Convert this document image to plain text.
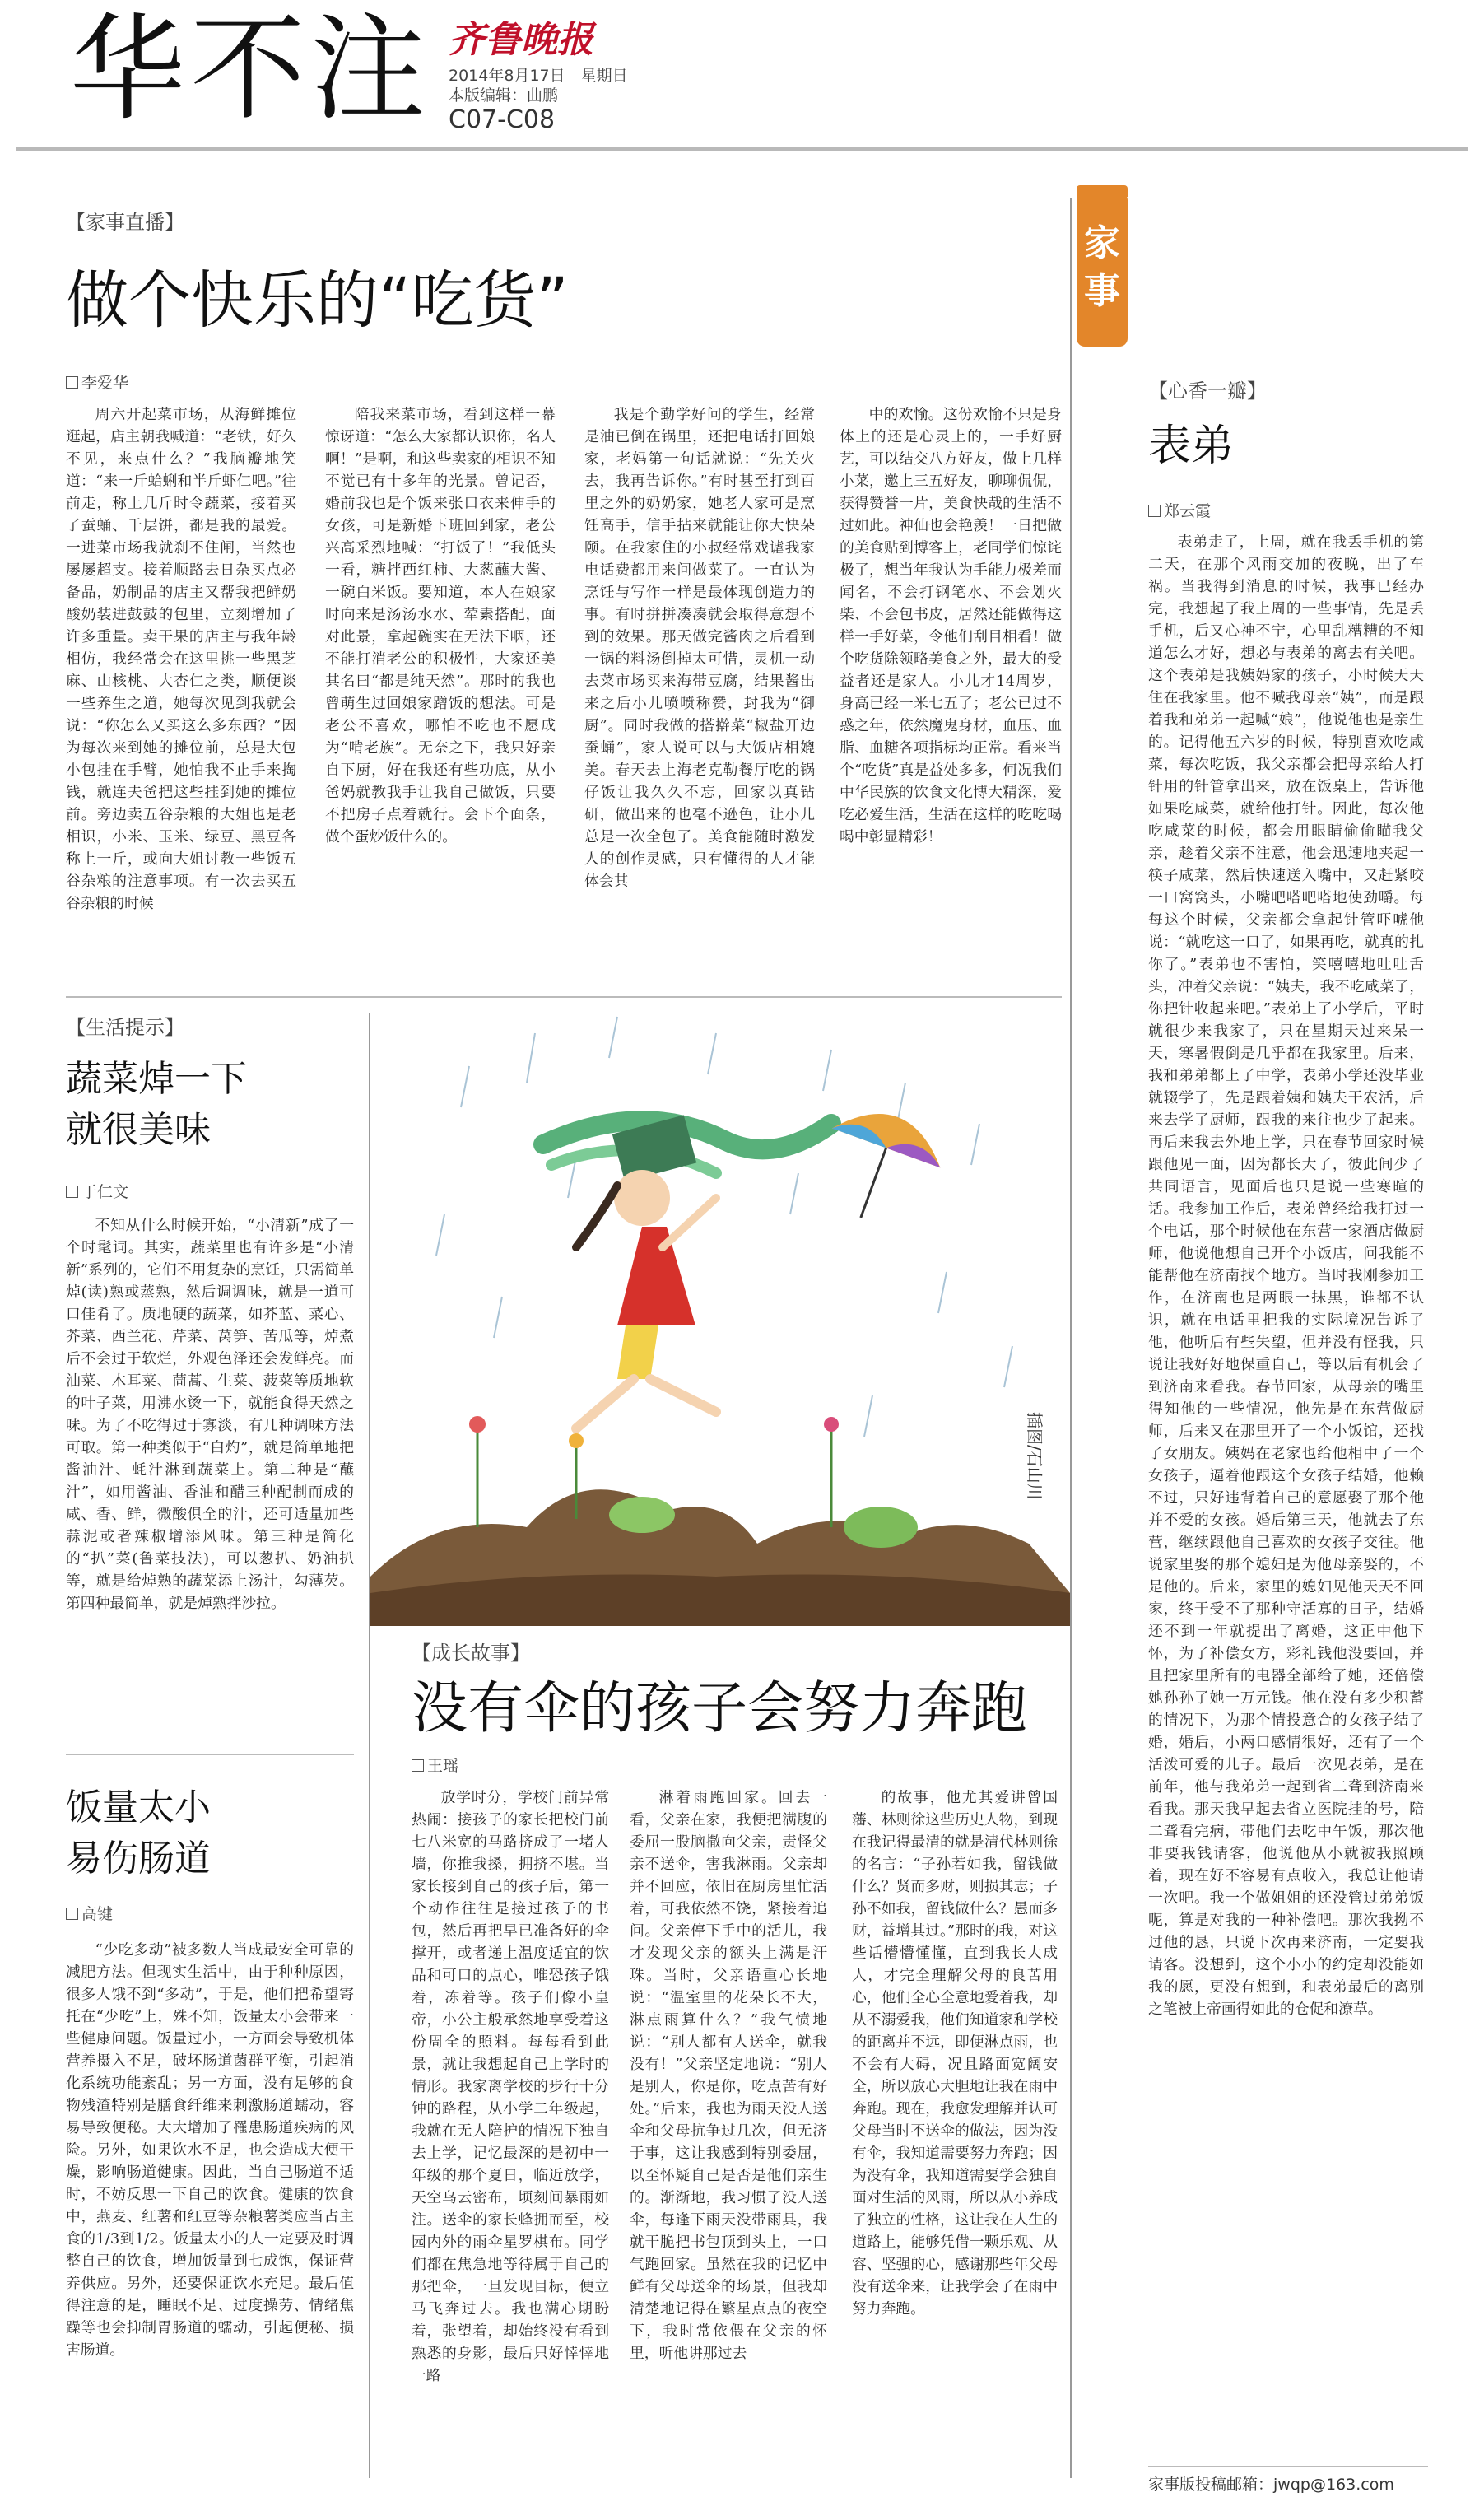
华不注 齐鲁晚报
2014年8月17日　星期日
本版编辑：曲鹏
C07-C08
【家事直播】
做个快乐的“吃货”
李爱华

周六开起菜市场，从海鲜摊位逛起，店主朝我喊道：“老铁，好久不见，来点什么？”我脑瓣地笑道：“来一斤蛤蜊和半斤虾仁吧。”往前走，称上几斤时令蔬菜，接着买了蚕蛹、千层饼，都是我的最爱。一进菜市场我就刹不住闸，当然也屡屡超支。接着顺路去日杂买点必备品，奶制品的店主又帮我把鲜奶酸奶装进鼓鼓的包里，立刻增加了许多重量。卖干果的店主与我年龄相仿，我经常会在这里挑一些黑芝麻、山核桃、大杏仁之类，顺便谈一些养生之道，她每次见到我就会说：“你怎么又买这么多东西？”因为每次来到她的摊位前，总是大包小包挂在手臂，她怕我不止手来掏钱，就连夫爸把这些挂到她的摊位前。旁边卖五谷杂粮的大姐也是老相识，小米、玉米、绿豆、黑豆各称上一斤，或向大姐讨教一些饭五谷杂粮的注意事项。有一次去买五谷杂粮的时候

陪我来菜市场，看到这样一幕惊讶道：“怎么大家都认识你，名人啊！”是啊，和这些卖家的相识不知不觉已有十多年的光景。曾记否，婚前我也是个饭来张口衣来伸手的女孩，可是新婚下班回到家，老公兴高采烈地喊：“打饭了！”我低头一看，糖拌西红柿、大葱蘸大酱、一碗白米饭。要知道，本人在娘家时向来是汤汤水水、荤素搭配，面对此景，拿起碗实在无法下咽，还不能打消老公的积极性，大家还美其名曰“都是纯天然”。那时的我也曾萌生过回娘家蹭饭的想法。可是老公不喜欢，哪怕不吃也不愿成为“啃老族”。无奈之下，我只好亲自下厨，好在我还有些功底，从小爸妈就教我手让我自己做饭，只要不把房子点着就行。会下个面条，做个蛋炒饭什么的。

我是个勤学好问的学生，经常是油已倒在锅里，还把电话打回娘家，老妈第一句话就说：“先关火去，我再告诉你。”有时甚至打到百里之外的奶奶家，她老人家可是烹饪高手，信手拈来就能让你大快朵颐。在我家住的小叔经常戏谑我家电话费都用来问做菜了。一直认为烹饪与写作一样是最体现创造力的事。有时拼拼凑凑就会取得意想不到的效果。那天做完酱肉之后看到一锅的料汤倒掉太可惜，灵机一动去菜市场买来海带豆腐，结果酱出来之后小儿喷喷称赞，封我为“御厨”。同时我做的搭擀菜“椒盐开边蚕蛹”，家人说可以与大饭店相媲美。春天去上海老克勒餐厅吃的锅仔饭让我久久不忘，回家以真钻研，做出来的也毫不逊色，让小儿总是一次全包了。美食能随时激发人的创作灵感，只有懂得的人才能体会其

中的欢愉。这份欢愉不只是身体上的还是心灵上的，一手好厨艺，可以结交八方好友，做上几样小菜，邀上三五好友，聊聊侃侃，获得赞誉一片，美食快哉的生活不过如此。神仙也会艳羡！一日把做的美食贴到博客上，老同学们惊诧极了，想当年我认为手能力极差而闻名，不会打钢笔水、不会划火柴、不会包书皮，居然还能做得这样一手好菜，令他们刮目相看！做个吃货除领略美食之外，最大的受益者还是家人。小儿才14周岁，身高已经一米七五了；老公已过不惑之年，依然魔鬼身材，血压、血脂、血糖各项指标均正常。看来当个“吃货”真是益处多多，何况我们中华民族的饮食文化博大精深，爱吃必爱生活，生活在这样的吃吃喝喝中彰显精彩！

【生活提示】
蔬菜焯一下
就很美味
于仁文

不知从什么时候开始，“小清新”成了一个时髦词。其实，蔬菜里也有许多是“小清新”系列的，它们不用复杂的烹饪，只需简单焯(读)熟或蒸熟，然后调调味，就是一道可口佳肴了。质地硬的蔬菜，如芥蓝、菜心、芥菜、西兰花、芹菜、莴笋、苦瓜等，焯煮后不会过于软烂，外观色泽还会发鲜亮。而油菜、木耳菜、茼蒿、生菜、菠菜等质地软的叶子菜，用沸水烫一下，就能食得天然之味。为了不吃得过于寡淡，有几种调味方法可取。第一种类似于“白灼”，就是简单地把酱油汁、蚝汁淋到蔬菜上。第二种是“蘸汁”，如用酱油、香油和醋三种配制而成的咸、香、鲜，微酸俱全的汁，还可适量加些蒜泥或者辣椒增添风味。第三种是简化的“扒”菜(鲁菜技法)，可以葱扒、奶油扒等，就是给焯熟的蔬菜添上汤汁，勾薄芡。第四种最简单，就是焯熟拌沙拉。

饭量太小
易伤肠道
高键

“少吃多动”被多数人当成最安全可靠的减肥方法。但现实生活中，由于种种原因，很多人饿不到“多动”，于是，他们把希望寄托在“少吃”上，殊不知，饭量太小会带来一些健康问题。饭量过小，一方面会导致机体营养摄入不足，破坏肠道菌群平衡，引起消化系统功能紊乱；另一方面，没有足够的食物残渣特别是膳食纤维来刺激肠道蠕动，容易导致便秘。大大增加了罹患肠道疾病的风险。另外，如果饮水不足，也会造成大便干燥，影响肠道健康。因此，当自己肠道不适时，不妨反思一下自己的饮食。健康的饮食中，燕麦、红薯和红豆等杂粮薯类应当占主食的1/3到1/2。饭量太小的人一定要及时调整自己的饮食，增加饭量到七成饱，保证营养供应。另外，还要保证饮水充足。最后值得注意的是，睡眠不足、过度操劳、情绪焦躁等也会抑制胃肠道的蠕动，引起便秘、损害肠道。

插图/石山川
【成长故事】
没有伞的孩子会努力奔跑
王瑶

放学时分，学校门前异常热闹：接孩子的家长把校门前七八米宽的马路挤成了一堵人墙，你推我搡，拥挤不堪。当家长接到自己的孩子后，第一个动作往往是接过孩子的书包，然后再把早已准备好的伞撑开，或者递上温度适宜的饮品和可口的点心，唯恐孩子饿着，冻着等。孩子们像小皇帝，小公主般承然地享受着这份周全的照料。每每看到此景，就让我想起自己上学时的情形。我家离学校的步行十分钟的路程，从小学二年级起，我就在无人陪护的情况下独自去上学，记忆最深的是初中一年级的那个夏日，临近放学，天空乌云密布，顷刻间暴雨如注。送伞的家长蜂拥而至，校园内外的雨伞星罗棋布。同学们都在焦急地等待属于自己的那把伞，一旦发现目标，便立马飞奔过去。我也满心期盼着，张望着，却始终没有看到熟悉的身影，最后只好悻悻地一路

淋着雨跑回家。回去一看，父亲在家，我便把满腹的委屈一股脑撒向父亲，责怪父亲不送伞，害我淋雨。父亲却并不回应，依旧在厨房里忙活着，可我依然不饶，紧接着追问。父亲停下手中的活儿，我才发现父亲的额头上满是汗珠。当时，父亲语重心长地说：“温室里的花朵长不大，淋点雨算什么？”我气愤地说：“别人都有人送伞，就我没有！”父亲坚定地说：“别人是别人，你是你，吃点苦有好处。”后来，我也为雨天没人送伞和父母抗争过几次，但无济于事，这让我感到特别委屈，以至怀疑自己是否是他们亲生的。渐渐地，我习惯了没人送伞，每逢下雨天没带雨具，我就干脆把书包顶到头上，一口气跑回家。虽然在我的记忆中鲜有父母送伞的场景，但我却清楚地记得在繁星点点的夜空下，我时常依偎在父亲的怀里，听他讲那过去

的故事，他尤其爱讲曾国藩、林则徐这些历史人物，到现在我记得最清的就是清代林则徐的名言：“子孙若如我，留钱做什么？贤而多财，则损其志；子孙不如我，留钱做什么？愚而多财，益增其过。”那时的我，对这些话懵懵懂懂，直到我长大成人，才完全理解父母的良苦用心，他们全心全意地爱着我，却从不溺爱我，他们知道家和学校的距离并不远，即便淋点雨，也不会有大碍，况且路面宽阔安全，所以放心大胆地让我在雨中奔跑。现在，我愈发理解并认可父母当时不送伞的做法，因为没有伞，我知道需要努力奔跑；因为没有伞，我知道需要学会独自面对生活的风雨，所以从小养成了独立的性格，这让我在人生的道路上，能够凭借一颗乐观、从容、坚强的心，感谢那些年父母没有送伞来，让我学会了在雨中努力奔跑。

家
事
【心香一瓣】
表弟
郑云霞

表弟走了，上周，就在我丢手机的第二天，在那个风雨交加的夜晚，出了车祸。当我得到消息的时候，我事已经办完，我想起了我上周的一些事情，先是丢手机，后又心神不宁，心里乱糟糟的不知道怎么才好，想必与表弟的离去有关吧。这个表弟是我姨妈家的孩子，小时候天天住在我家里。他不喊我母亲“姨”，而是跟着我和弟弟一起喊“娘”，他说他也是亲生的。记得他五六岁的时候，特别喜欢吃咸菜，每次吃饭，我父亲都会把母亲给人打针用的针管拿出来，放在饭桌上，告诉他如果吃咸菜，就给他打针。因此，每次他吃咸菜的时候，都会用眼睛偷偷瞄我父亲，趁着父亲不注意，他会迅速地夹起一筷子咸菜，然后快速送入嘴中，又赶紧咬一口窝窝头，小嘴吧嗒吧嗒地使劲嚼。每每这个时候，父亲都会拿起针管吓唬他说：“就吃这一口了，如果再吃，就真的扎你了。”表弟也不害怕，笑嘻嘻地吐吐舌头，冲着父亲说：“姨夫，我不吃咸菜了，你把针收起来吧。”表弟上了小学后，平时就很少来我家了，只在星期天过来呆一天，寒暑假倒是几乎都在我家里。后来，我和弟弟都上了中学，表弟小学还没毕业就辍学了，先是跟着姨和姨夫干农活，后来去学了厨师，跟我的来往也少了起来。再后来我去外地上学，只在春节回家时候跟他见一面，因为都长大了，彼此间少了共同语言，见面后也只是说一些寒暄的话。我参加工作后，表弟曾经给我打过一个电话，那个时候他在东营一家酒店做厨师，他说他想自己开个小饭店，问我能不能帮他在济南找个地方。当时我刚参加工作，在济南也是两眼一抹黑，谁都不认识，就在电话里把我的实际境况告诉了他，他听后有些失望，但并没有怪我，只说让我好好地保重自己，等以后有机会了到济南来看我。春节回家，从母亲的嘴里得知他的一些情况，他先是在东营做厨师，后来又在那里开了一个小饭馆，还找了女朋友。姨妈在老家也给他相中了一个女孩子，逼着他跟这个女孩子结婚，他赖不过，只好违背着自己的意愿娶了那个他并不爱的女孩。婚后第三天，他就去了东营，继续跟他自己喜欢的女孩子交往。他说家里娶的那个媳妇是为他母亲娶的，不是他的。后来，家里的媳妇见他天天不回家，终于受不了那种守活寡的日子，结婚还不到一年就提出了离婚，这正中他下怀，为了补偿女方，彩礼钱他没要回，并且把家里所有的电器全部给了她，还倍偿她孙孙了她一万元钱。他在没有多少积蓄的情况下，为那个情投意合的女孩子结了婚，婚后，小两口感情很好，还有了一个活泼可爱的儿子。最后一次见表弟，是在前年，他与我弟弟一起到省二聋到济南来看我。那天我早起去省立医院挂的号，陪二聋看完病，带他们去吃中午饭，那次他非要我钱请客，他说他从小就被我照顾着，现在好不容易有点收入，我总让他请一次吧。我一个做姐姐的还没管过弟弟饭呢，算是对我的一种补偿吧。那次我拗不过他的恳，只说下次再来济南，一定要我请客。没想到，这个小小的约定却没能如我的愿，更没有想到，和表弟最后的离别之笔被上帝画得如此的仓促和潦草。

家事版投稿邮箱：jwqp@163.com
